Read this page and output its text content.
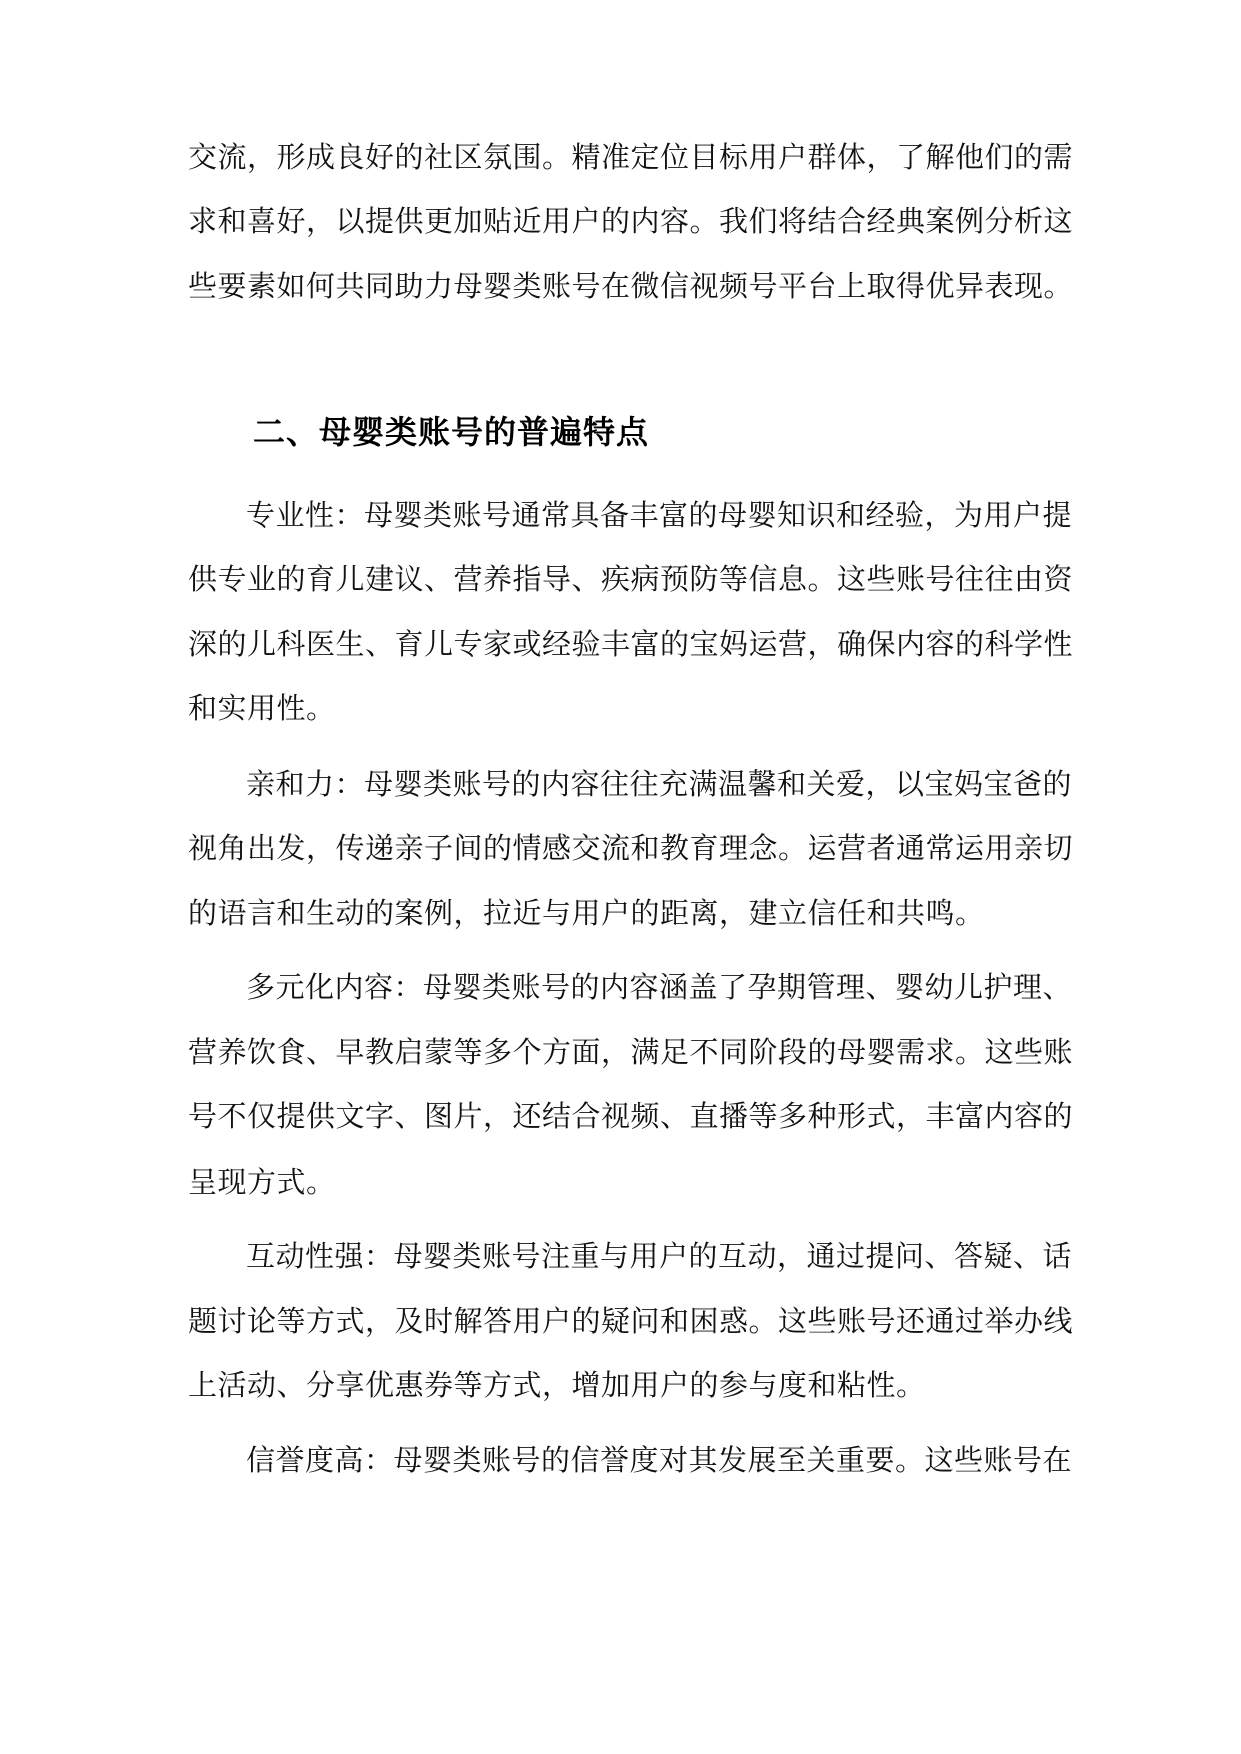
交流，形成良好的社区氛围。精准定位目标用户群体，了解他们的需
求和喜好，以提供更加贴近用户的内容。我们将结合经典案例分析这
些要素如何共同助力母婴类账号在微信视频号平台上取得优异表现。
二、母婴类账号的普遍特点
专业性：母婴类账号通常具备丰富的母婴知识和经验，为用户提
供专业的育儿建议、营养指导、疾病预防等信息。这些账号往往由资
深的儿科医生、育儿专家或经验丰富的宝妈运营，确保内容的科学性
和实用性。
亲和力：母婴类账号的内容往往充满温馨和关爱，以宝妈宝爸的
视角出发，传递亲子间的情感交流和教育理念。运营者通常运用亲切
的语言和生动的案例，拉近与用户的距离，建立信任和共鸣。
多元化内容：母婴类账号的内容涵盖了孕期管理、婴幼儿护理、
营养饮食、早教启蒙等多个方面，满足不同阶段的母婴需求。这些账
号不仅提供文字、图片，还结合视频、直播等多种形式，丰富内容的
呈现方式。
互动性强：母婴类账号注重与用户的互动，通过提问、答疑、话
题讨论等方式，及时解答用户的疑问和困惑。这些账号还通过举办线
上活动、分享优惠券等方式，增加用户的参与度和粘性。
信誉度高：母婴类账号的信誉度对其发展至关重要。这些账号在
